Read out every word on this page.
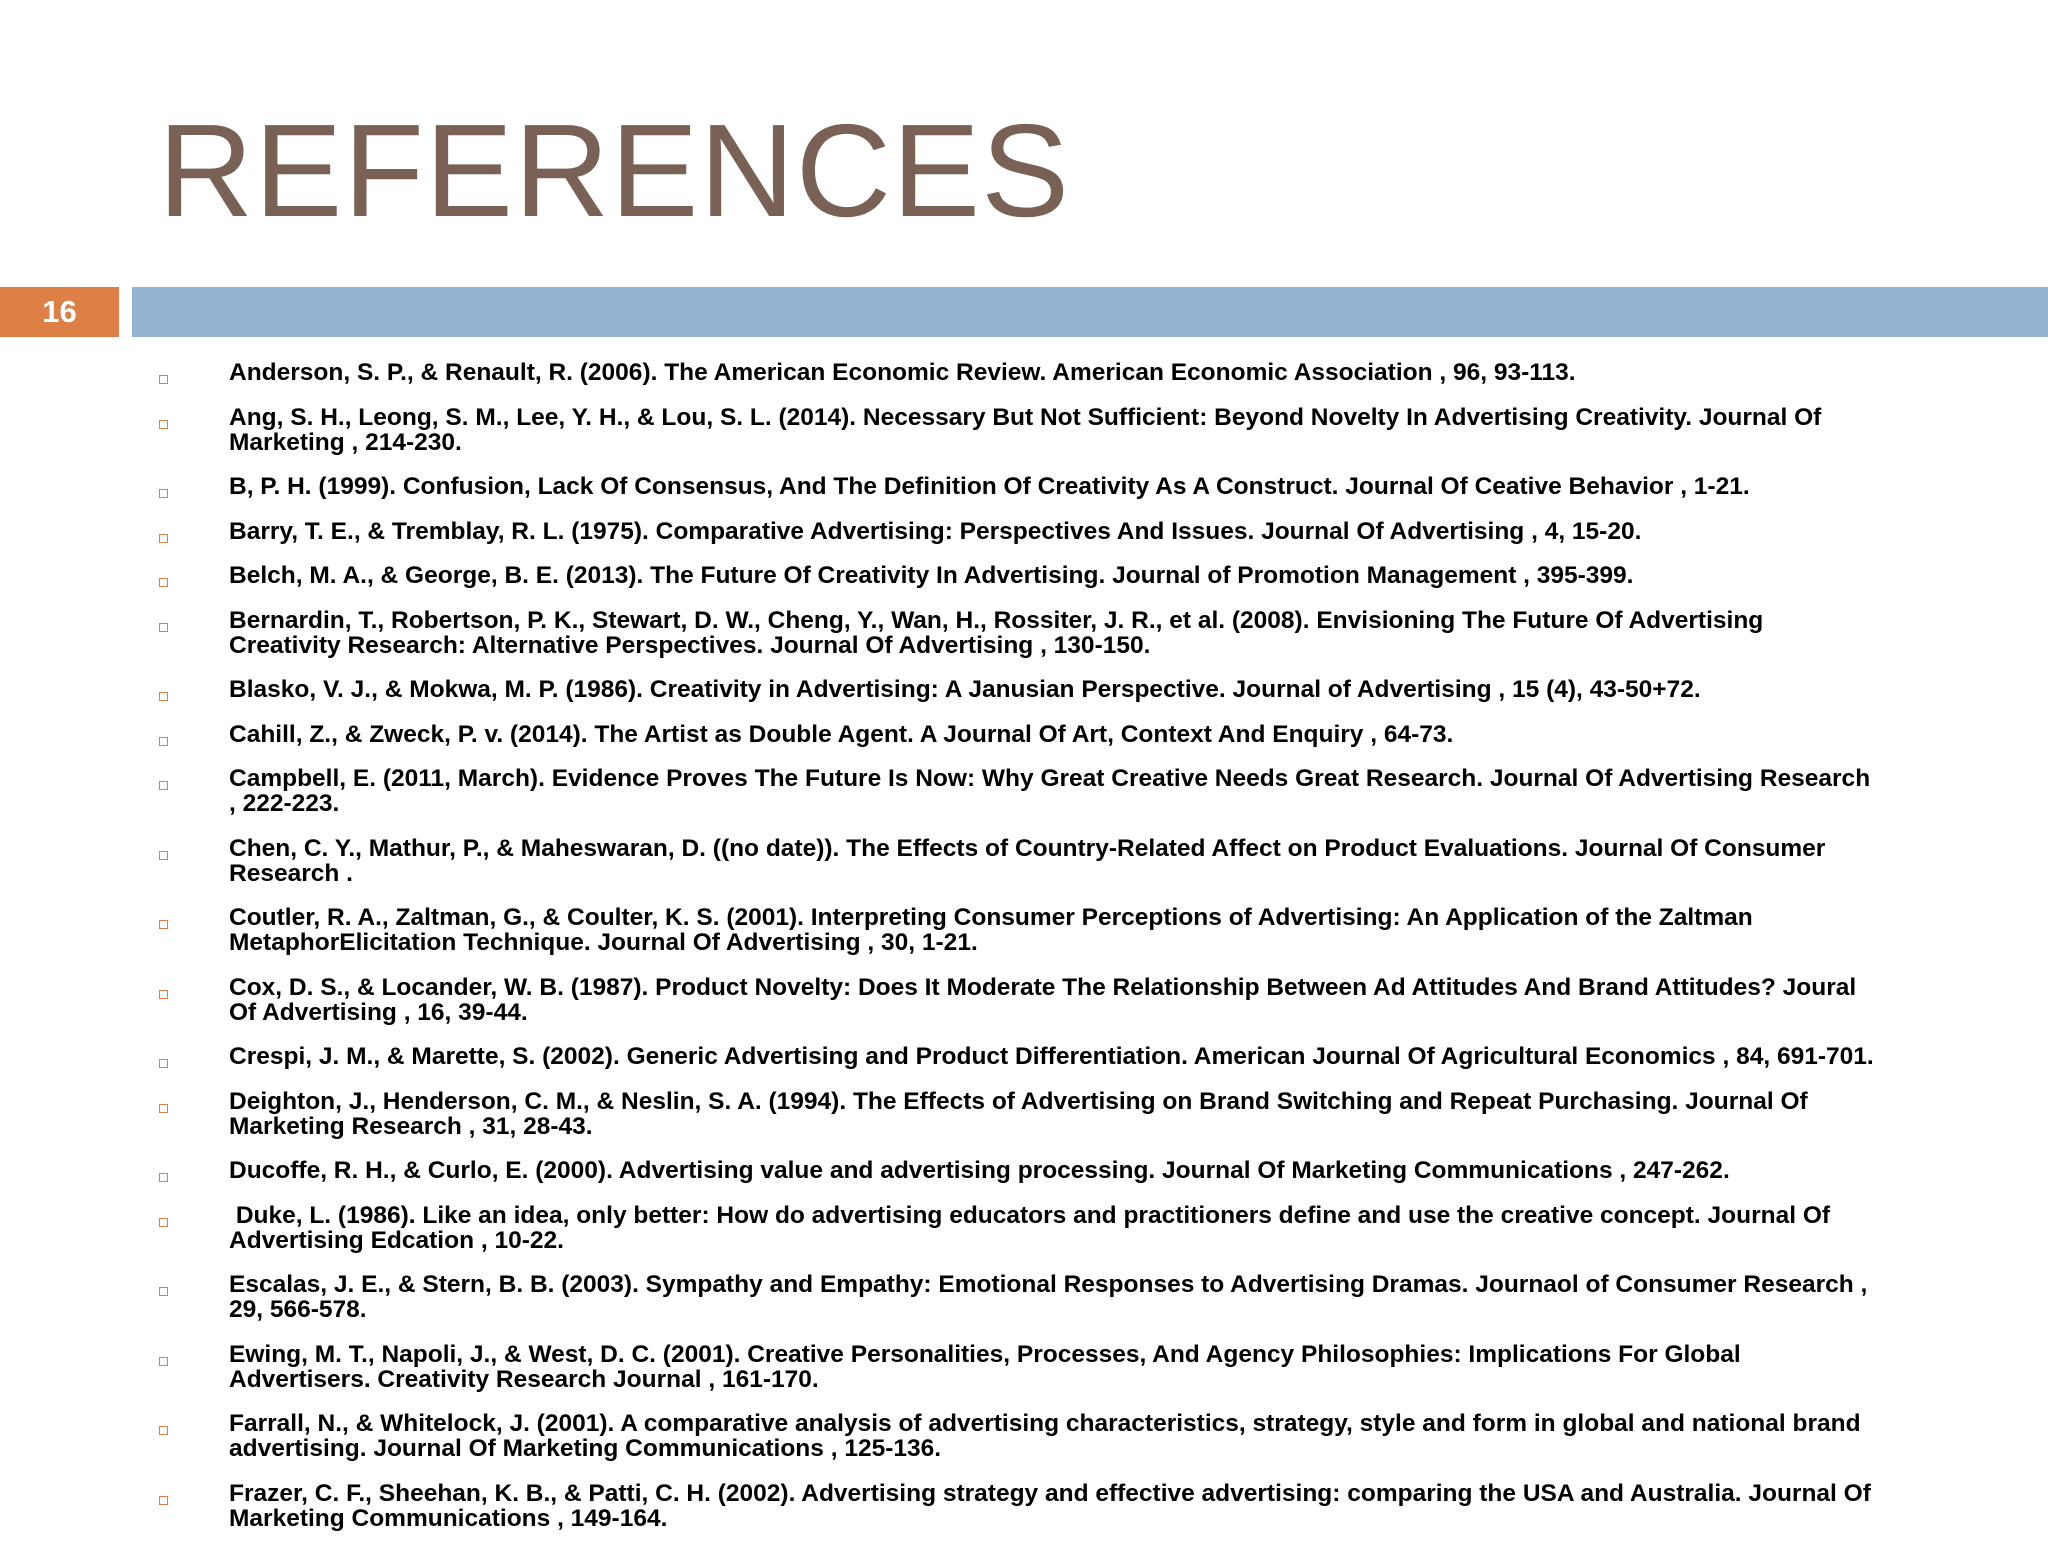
REFERENCES
16
Anderson, S. P., & Renault, R. (2006). The American Economic Review. American Economic Association , 96, 93-113.
Ang, S. H., Leong, S. M., Lee, Y. H., & Lou, S. L. (2014). Necessary But Not Sufficient: Beyond Novelty In Advertising Creativity. Journal Of
Marketing , 214-230.
B, P. H. (1999). Confusion, Lack Of Consensus, And The Definition Of Creativity As A Construct. Journal Of Ceative Behavior , 1-21.
Barry, T. E., & Tremblay, R. L. (1975). Comparative Advertising: Perspectives And Issues. Journal Of Advertising , 4, 15-20.
Belch, M. A., & George, B. E. (2013). The Future Of Creativity In Advertising. Journal of Promotion Management , 395-399.
Bernardin, T., Robertson, P. K., Stewart, D. W., Cheng, Y., Wan, H., Rossiter, J. R., et al. (2008). Envisioning The Future Of Advertising
Creativity Research: Alternative Perspectives. Journal Of Advertising , 130-150.
Blasko, V. J., & Mokwa, M. P. (1986). Creativity in Advertising: A Janusian Perspective. Journal of Advertising , 15 (4), 43-50+72.
Cahill, Z., & Zweck, P. v. (2014). The Artist as Double Agent. A Journal Of Art, Context And Enquiry , 64-73.
Campbell, E. (2011, March). Evidence Proves The Future Is Now: Why Great Creative Needs Great Research. Journal Of Advertising Research
, 222-223.
Chen, C. Y., Mathur, P., & Maheswaran, D. ((no date)). The Effects of Country-Related Affect on Product Evaluations. Journal Of Consumer
Research .
Coutler, R. A., Zaltman, G., & Coulter, K. S. (2001). Interpreting Consumer Perceptions of Advertising: An Application of the Zaltman
MetaphorElicitation Technique. Journal Of Advertising , 30, 1-21.
Cox, D. S., & Locander, W. B. (1987). Product Novelty: Does It Moderate The Relationship Between Ad Attitudes And Brand Attitudes? Joural
Of Advertising , 16, 39-44.
Crespi, J. M., & Marette, S. (2002). Generic Advertising and Product Differentiation. American Journal Of Agricultural Economics , 84, 691-701.
Deighton, J., Henderson, C. M., & Neslin, S. A. (1994). The Effects of Advertising on Brand Switching and Repeat Purchasing. Journal Of
Marketing Research , 31, 28-43.
Ducoffe, R. H., & Curlo, E. (2000). Advertising value and advertising processing. Journal Of Marketing Communications , 247-262.
Duke, L. (1986). Like an idea, only better: How do advertising educators and practitioners define and use the creative concept. Journal Of
Advertising Edcation , 10-22.
Escalas, J. E., & Stern, B. B. (2003). Sympathy and Empathy: Emotional Responses to Advertising Dramas. Journaol of Consumer Research ,
29, 566-578.
Ewing, M. T., Napoli, J., & West, D. C. (2001). Creative Personalities, Processes, And Agency Philosophies: Implications For Global
Advertisers. Creativity Research Journal , 161-170.
Farrall, N., & Whitelock, J. (2001). A comparative analysis of advertising characteristics, strategy, style and form in global and national brand
advertising. Journal Of Marketing Communications , 125-136.
Frazer, C. F., Sheehan, K. B., & Patti, C. H. (2002). Advertising strategy and effective advertising: comparing the USA and Australia. Journal Of
Marketing Communications , 149-164.
